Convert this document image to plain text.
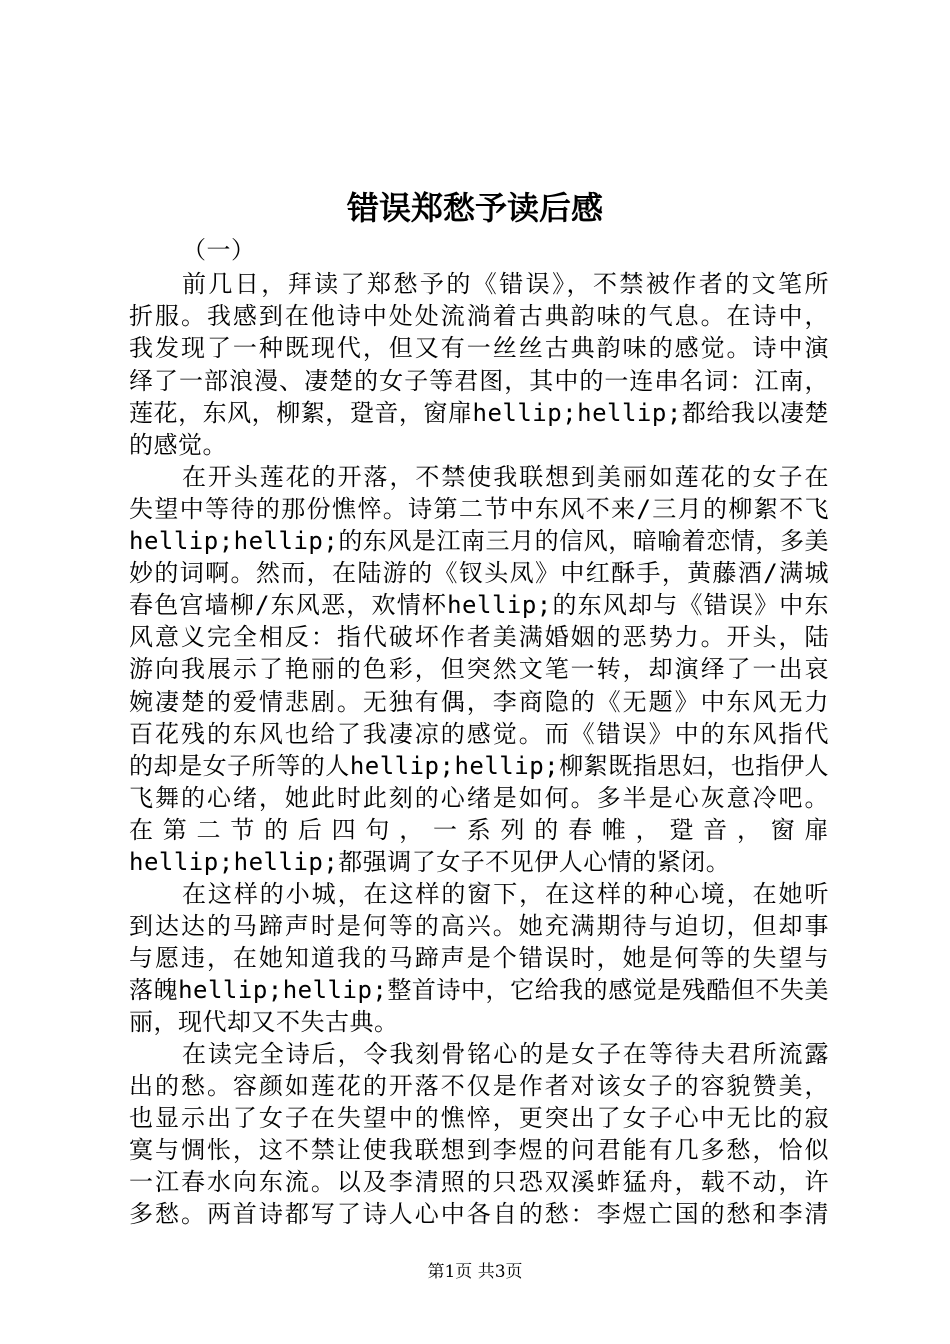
错误郑愁予读后感
（一）
前几日，拜读了郑愁予的《错误》，不禁被作者的文笔所
折服。我感到在他诗中处处流淌着古典韵味的气息。在诗中，
我发现了一种既现代，但又有一丝丝古典韵味的感觉。诗中演
绎了一部浪漫、凄楚的女子等君图，其中的一连串名词：江南，
莲花，东风，柳絮，跫音，窗扉hellip;hellip;都给我以凄楚
的感觉。
在开头莲花的开落，不禁使我联想到美丽如莲花的女子在
失望中等待的那份憔悴。诗第二节中东风不来/三月的柳絮不飞
hellip;hellip;的东风是江南三月的信风，暗喻着恋情，多美
妙的词啊。然而，在陆游的《钗头凤》中红酥手，黄藤酒/满城
春色宫墙柳/东风恶，欢情杯hellip;的东风却与《错误》中东
风意义完全相反：指代破坏作者美满婚姻的恶势力。开头，陆
游向我展示了艳丽的色彩，但突然文笔一转，却演绎了一出哀
婉凄楚的爱情悲剧。无独有偶，李商隐的《无题》中东风无力
百花残的东风也给了我凄凉的感觉。而《错误》中的东风指代
的却是女子所等的人hellip;hellip;柳絮既指思妇，也指伊人
飞舞的心绪，她此时此刻的心绪是如何。多半是心灰意冷吧。
在第二节的后四句，一系列的春帷，跫音，窗扉
hellip;hellip;都强调了女子不见伊人心情的紧闭。
在这样的小城，在这样的窗下，在这样的种心境，在她听
到达达的马蹄声时是何等的高兴。她充满期待与迫切，但却事
与愿违，在她知道我的马蹄声是个错误时，她是何等的失望与
落魄hellip;hellip;整首诗中，它给我的感觉是残酷但不失美
丽，现代却又不失古典。
在读完全诗后，令我刻骨铭心的是女子在等待夫君所流露
出的愁。容颜如莲花的开落不仅是作者对该女子的容貌赞美，
也显示出了女子在失望中的憔悴，更突出了女子心中无比的寂
寞与惆怅，这不禁让使我联想到李煜的问君能有几多愁，恰似
一江春水向东流。以及李清照的只恐双溪蚱猛舟，载不动，许
多愁。两首诗都写了诗人心中各自的愁：李煜亡国的愁和李清
第1页 共3页
